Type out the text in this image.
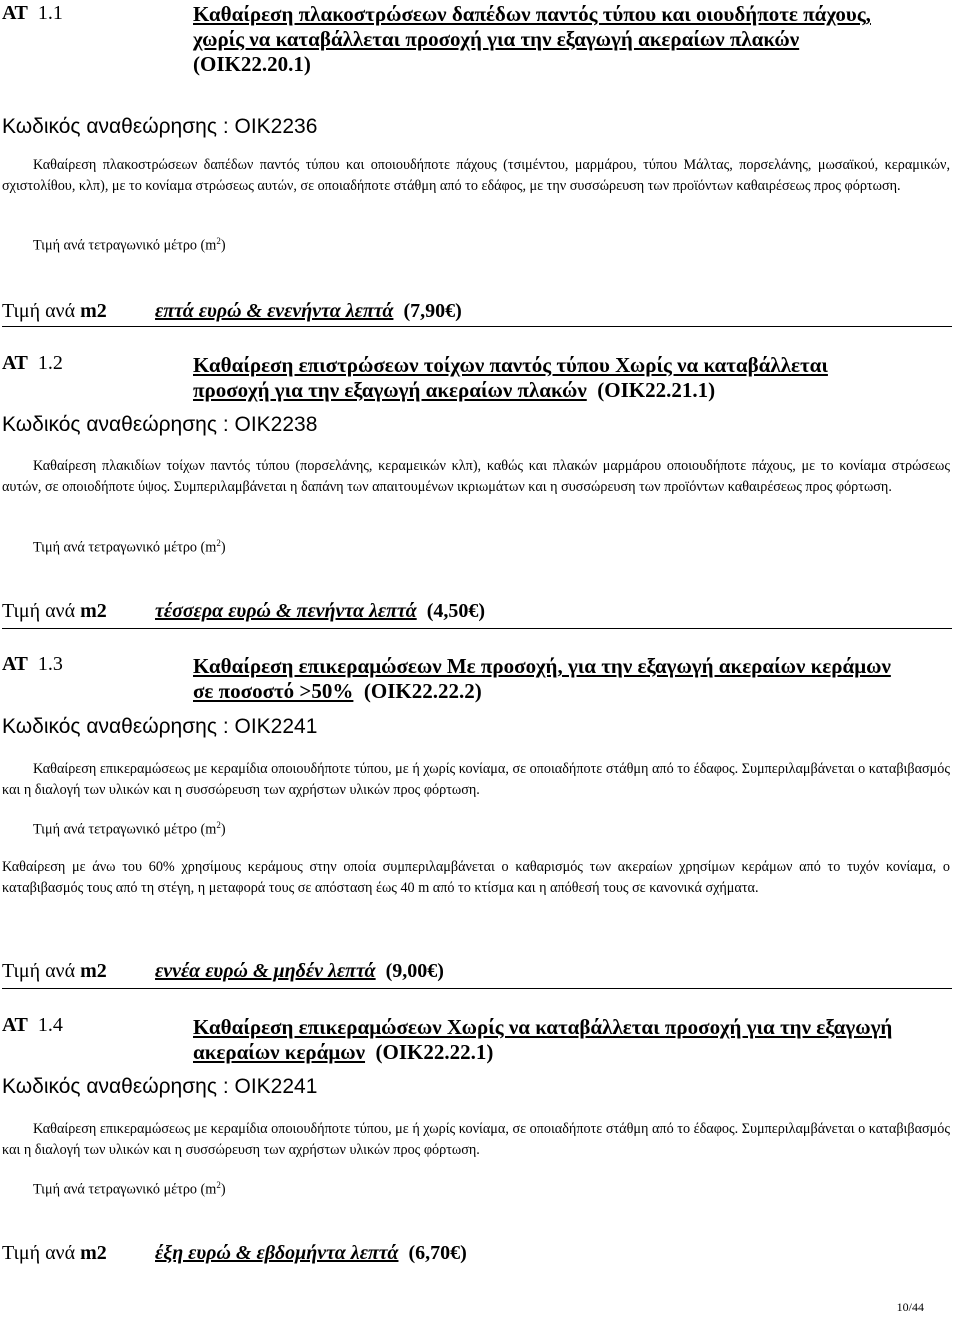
ΑΤ 1.1	Καθαίρεση πλακοστρώσεων δαπέδων παντός τύπου και οιουδήποτε πάχους,
χωρίς να καταβάλλεται προσοχή για την εξαγωγή ακεραίων πλακών
(ΟΙΚ22.20.1)
Κωδικός αναθεώρησης : ΟΙΚ2236
Καθαίρεση πλακοστρώσεων δαπέδων παντός τύπου και οποιουδήποτε πάχους (τσιμέντου, μαρμάρου, τύπου Μάλτας, πορσελάνης, μωσαϊκού, κεραμικών, σχιστολίθου, κλπ), με το κονίαμα στρώσεως αυτών, σε οποιαδήποτε στάθμη από το εδάφος, με την συσσώρευση των προϊόντων καθαιρέσεως προς φόρτωση.
Τιμή ανά τετραγωνικό μέτρο $(m^2)$
Τιμή ανά m2 επτά ευρώ & ενενήντα λεπτά (7,90€)
ΑΤ 1.2	Καθαίρεση επιστρώσεων τοίχων παντός τύπου Χωρίς να καταβάλλεται
προσοχή για την εξαγωγή ακεραίων πλακών (ΟΙΚ22.21.1)
Κωδικός αναθεώρησης : ΟΙΚ2238
Καθαίρεση πλακιδίων τοίχων παντός τύπου (πορσελάνης, κεραμεικών κλπ), καθώς και πλακών μαρμάρου οποιουδήποτε πάχους, με το κονίαμα στρώσεως αυτών, σε οποιοδήποτε ύψος. Συμπεριλαμβάνεται η δαπάνη των απαιτουμένων ικριωμάτων και η συσσώρευση των προϊόντων καθαιρέσεως προς φόρτωση.
Τιμή ανά τετραγωνικό μέτρο $(m^2)$
Τιμή ανά m2 τέσσερα ευρώ & πενήντα λεπτά (4,50€)
ΑΤ 1.3	Καθαίρεση επικεραμώσεων Με προσοχή, για την εξαγωγή ακεραίων κεράμων
σε ποσοστό >50% (ΟΙΚ22.22.2)
Κωδικός αναθεώρησης : ΟΙΚ2241
Καθαίρεση επικεραμώσεως με κεραμίδια οποιουδήποτε τύπου, με ή χωρίς κονίαμα, σε οποιαδήποτε στάθμη από το έδαφος. Συμπεριλαμβάνεται ο καταβιβασμός και η διαλογή των υλικών και η συσσώρευση των αχρήστων υλικών προς φόρτωση.
Τιμή ανά τετραγωνικό μέτρο $(m^2)$
Καθαίρεση με άνω του 60% χρησίμους κεράμους στην οποία συμπεριλαμβάνεται ο καθαρισμός των ακεραίων χρησίμων κεράμων από το τυχόν κονίαμα, ο καταβιβασμός τους από τη στέγη, η μεταφορά τους σε απόσταση έως 40 m από το κτίσμα και η απόθεσή τους σε κανονικά σχήματα.
Τιμή ανά m2 εννέα ευρώ & μηδέν λεπτά (9,00€)
ΑΤ 1.4	Καθαίρεση επικεραμώσεων Χωρίς να καταβάλλεται προσοχή για την εξαγωγή
ακεραίων κεράμων (ΟΙΚ22.22.1)
Κωδικός αναθεώρησης : ΟΙΚ2241
Καθαίρεση επικεραμώσεως με κεραμίδια οποιουδήποτε τύπου, με ή χωρίς κονίαμα, σε οποιαδήποτε στάθμη από το έδαφος. Συμπεριλαμβάνεται ο καταβιβασμός και η διαλογή των υλικών και η συσσώρευση των αχρήστων υλικών προς φόρτωση.
Τιμή ανά τετραγωνικό μέτρο $(m^2)$
Τιμή ανά m2 έξη ευρώ & εβδομήντα λεπτά (6,70€)
10/44
